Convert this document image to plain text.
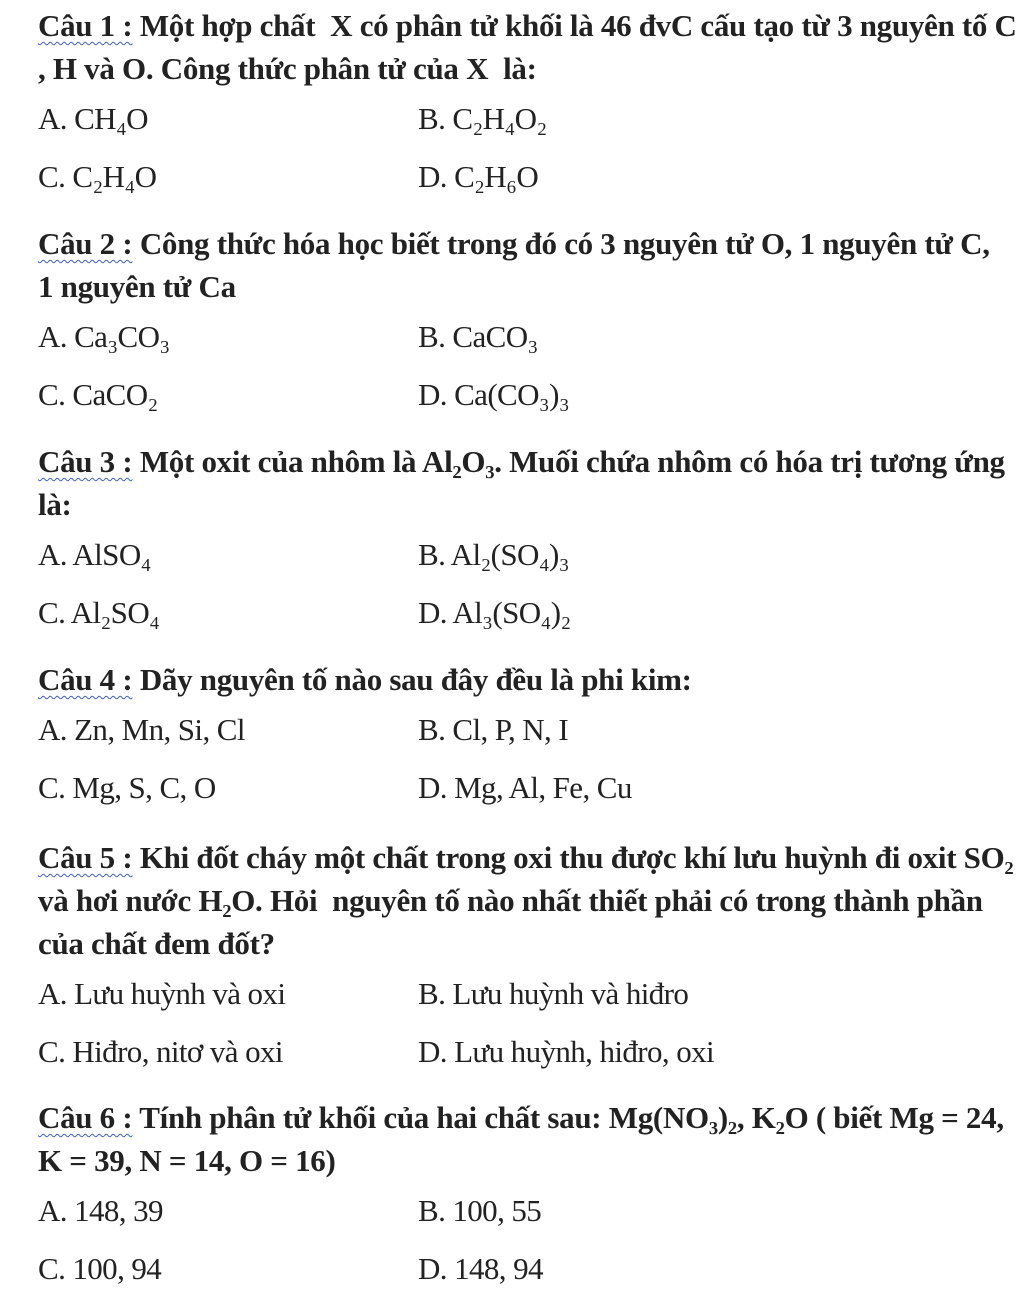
Câu 1 : Một hợp chất  X có phân tử khối là 46 đvC cấu tạo từ 3 nguyên tố C , H và O. Công thức phân tử của X  là:
A. CH₄O	B. C₂H₄O₂
C. C₂H₄O	D. C₂H₆O
Câu 2 : Công thức hóa học biết trong đó có 3 nguyên tử O, 1 nguyên tử C,  1 nguyên tử Ca
A. Ca₃CO₃	B. CaCO₃
C. CaCO₂	D. Ca(CO₃)₃
Câu 3 : Một oxit của nhôm là Al₂O₃. Muối chứa nhôm có hóa trị tương ứng là:
A. AlSO₄	B. Al₂(SO₄)₃
C. Al₂SO₄	D. Al₃(SO₄)₂
Câu 4 : Dãy nguyên tố nào sau đây đều là phi kim:
A. Zn, Mn, Si, Cl	B. Cl, P, N, I
C. Mg, S, C, O	D. Mg, Al, Fe, Cu
Câu 5 : Khi đốt cháy một chất trong oxi thu được khí lưu huỳnh đi oxit SO₂ và hơi nước H₂O. Hỏi  nguyên tố nào nhất thiết phải có trong thành phần của chất đem đốt?
A. Lưu huỳnh và oxi	B. Lưu huỳnh và hiđro
C. Hiđro, nitơ và oxi	D. Lưu huỳnh, hiđro, oxi
Câu 6 : Tính phân tử khối của hai chất sau: Mg(NO₃)₂, K₂O ( biết Mg = 24, K = 39, N = 14, O = 16)
A. 148, 39	B. 100, 55
C. 100, 94	D. 148, 94
